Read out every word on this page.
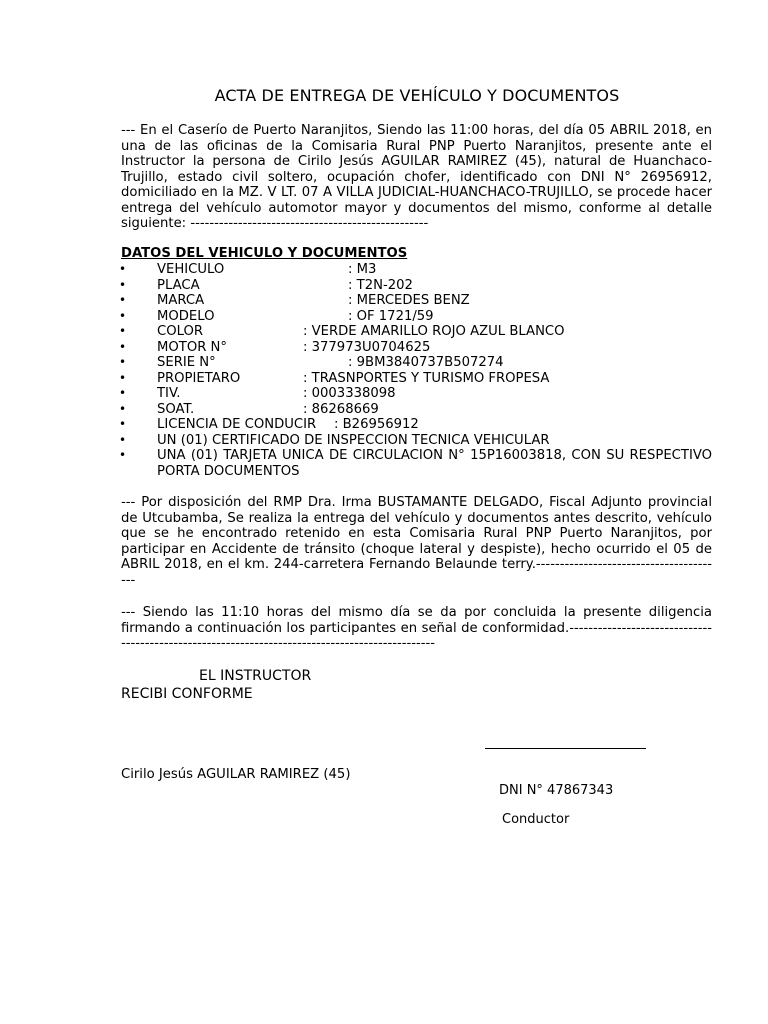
ACTA DE ENTREGA DE VEHÍCULO Y DOCUMENTOS
--- En el Caserío de Puerto Naranjitos, Siendo las 11:00 horas, del día 05 ABRIL 2018, en una de las oficinas de la Comisaria Rural PNP Puerto Naranjitos, presente ante el Instructor la persona de Cirilo Jesús AGUILAR RAMIREZ (45), natural de Huanchaco-Trujillo, estado civil soltero, ocupación chofer, identificado con DNI N° 26956912, domiciliado en la MZ. V LT. 07 A VILLA JUDICIAL-HUANCHACO-TRUJILLO, se procede hacer entrega del vehículo automotor mayor y documentos del mismo, conforme al detalle siguiente: --------------------------------------------------
DATOS DEL VEHICULO Y DOCUMENTOS
• VEHICULO	: M3
• PLACA	: T2N-202
• MARCA	: MERCEDES BENZ
• MODELO	: OF 1721/59
• COLOR	: VERDE AMARILLO ROJO AZUL BLANCO
• MOTOR N°	: 377973U0704625
• SERIE N°	: 9BM3840737B507274
• PROPIETARO	: TRASNPORTES Y TURISMO FROPESA
• TIV.	: 0003338098
• SOAT.	: 86268669
• LICENCIA DE CONDUCIR : B26956912
• UN (01) CERTIFICADO DE INSPECCION TECNICA VEHICULAR
• UNA (01) TARJETA UNICA DE CIRCULACION N° 15P16003818, CON SU RESPECTIVO PORTA DOCUMENTOS
--- Por disposición del RMP Dra. Irma BUSTAMANTE DELGADO, Fiscal Adjunto provincial de Utcubamba, Se realiza la entrega del vehículo y documentos antes descrito, vehículo que se he encontrado retenido en esta Comisaria Rural PNP Puerto Naranjitos, por participar en Accidente de tránsito (choque lateral y despiste), hecho ocurrido el 05 de ABRIL 2018, en el km. 244-carretera Fernando Belaunde terry.----------------------------------------
--- Siendo las 11:10 horas del mismo día se da por concluida la presente diligencia firmando a continuación los participantes en señal de conformidad.------------------------------------------------------------------------------------------------
EL INSTRUCTOR
RECIBI CONFORME
Cirilo Jesús AGUILAR RAMIREZ (45)
DNI N° 47867343
Conductor
